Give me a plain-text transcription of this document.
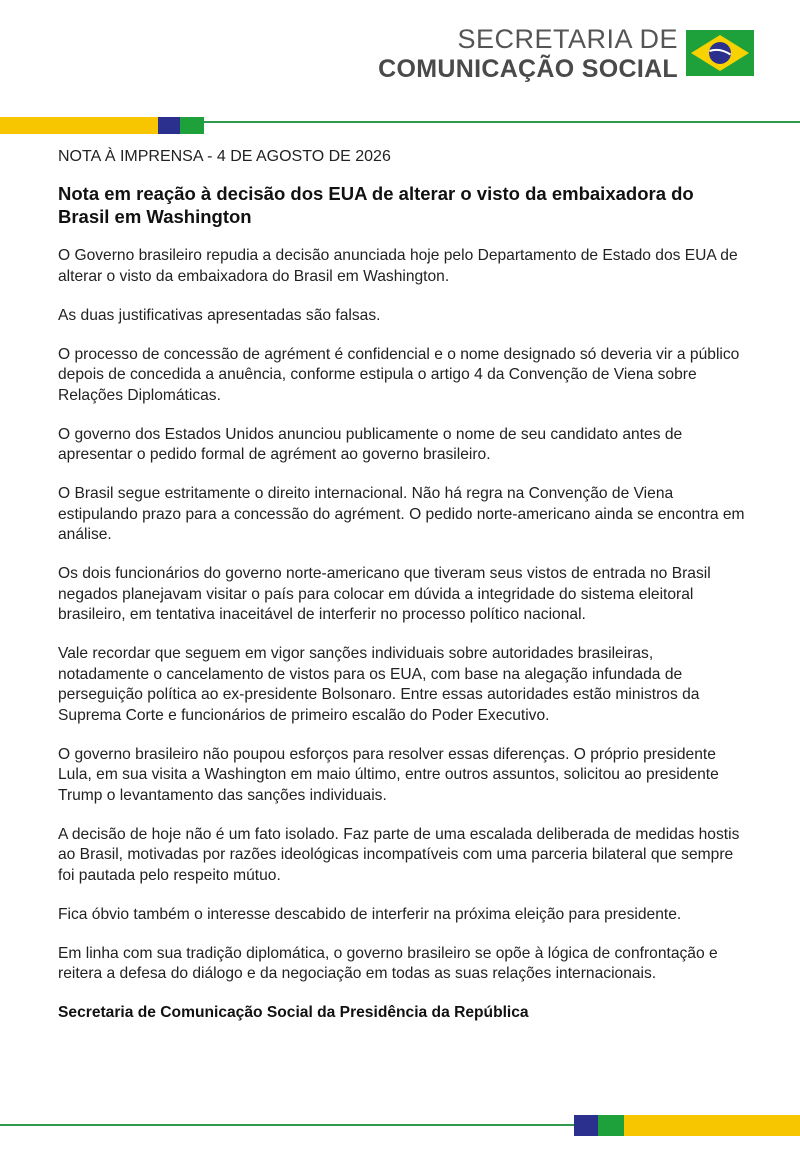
SECRETARIA DE
COMUNICAÇÃO SOCIAL
NOTA À IMPRENSA - 4 DE AGOSTO DE 2026
Nota em reação à decisão dos EUA de alterar o visto da embaixadora do Brasil em Washington

O Governo brasileiro repudia a decisão anunciada hoje pelo Departamento de Estado dos EUA de alterar o visto da embaixadora do Brasil em Washington.

As duas justificativas apresentadas são falsas.

O processo de concessão de agrément é confidencial e o nome designado só deveria vir a público depois de concedida a anuência, conforme estipula o artigo 4 da Convenção de Viena sobre Relações Diplomáticas.

O governo dos Estados Unidos anunciou publicamente o nome de seu candidato antes de apresentar o pedido formal de agrément ao governo brasileiro.

O Brasil segue estritamente o direito internacional. Não há regra na Convenção de Viena estipulando prazo para a concessão do agrément. O pedido norte-americano ainda se encontra em análise.

Os dois funcionários do governo norte-americano que tiveram seus vistos de entrada no Brasil negados planejavam visitar o país para colocar em dúvida a integridade do sistema eleitoral brasileiro, em tentativa inaceitável de interferir no processo político nacional.

Vale recordar que seguem em vigor sanções individuais sobre autoridades brasileiras, notadamente o cancelamento de vistos para os EUA, com base na alegação infundada de perseguição política ao ex-presidente Bolsonaro. Entre essas autoridades estão ministros da Suprema Corte e funcionários de primeiro escalão do Poder Executivo.

O governo brasileiro não poupou esforços para resolver essas diferenças. O próprio presidente Lula, em sua visita a Washington em maio último, entre outros assuntos, solicitou ao presidente Trump o levantamento das sanções individuais.

A decisão de hoje não é um fato isolado. Faz parte de uma escalada deliberada de medidas hostis ao Brasil, motivadas por razões ideológicas incompatíveis com uma parceria bilateral que sempre foi pautada pelo respeito mútuo.

Fica óbvio também o interesse descabido de interferir na próxima eleição para presidente.

Em linha com sua tradição diplomática, o governo brasileiro se opõe à lógica de confrontação e reitera a defesa do diálogo e da negociação em todas as suas relações internacionais.

Secretaria de Comunicação Social da Presidência da República
